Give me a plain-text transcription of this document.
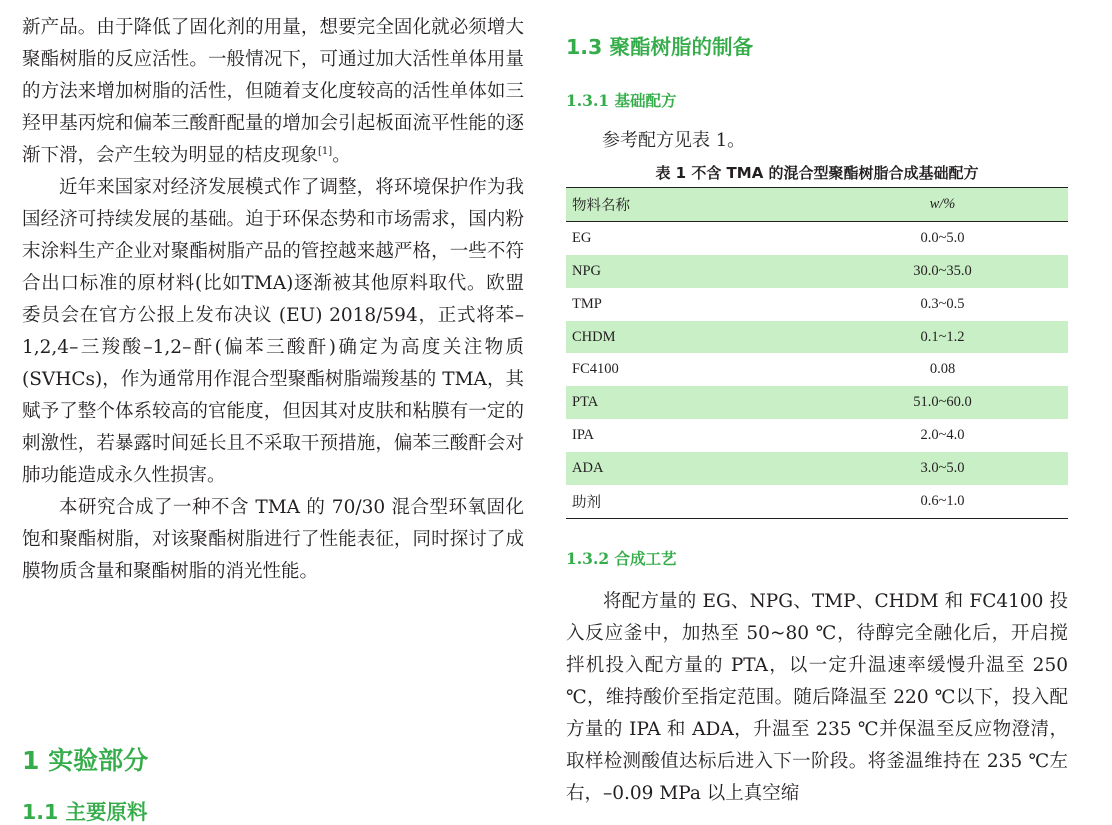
新产品。由于降低了固化剂的用量，想要完全固化就必须增大聚酯树脂的反应活性。一般情况下，可通过加大活性单体用量的方法来增加树脂的活性，但随着支化度较高的活性单体如三羟甲基丙烷和偏苯三酸酐配量的增加会引起板面流平性能的逐渐下滑，会产生较为明显的桔皮现象[1]。

近年来国家对经济发展模式作了调整，将环境保护作为我国经济可持续发展的基础。迫于环保态势和市场需求，国内粉末涂料生产企业对聚酯树脂产品的管控越来越严格，一些不符合出口标准的原材料(比如TMA)逐渐被其他原料取代。欧盟委员会在官方公报上发布决议 (EU) 2018/594，正式将苯–1,2,4–三羧酸–1,2–酐(偏苯三酸酐)确定为高度关注物质(SVHCs)，作为通常用作混合型聚酯树脂端羧基的 TMA，其赋予了整个体系较高的官能度，但因其对皮肤和粘膜有一定的刺激性，若暴露时间延长且不采取干预措施，偏苯三酸酐会对肺功能造成永久性损害。

本研究合成了一种不含 TMA 的 70/30 混合型环氧固化饱和聚酯树脂，对该聚酯树脂进行了性能表征，同时探讨了成膜物质含量和聚酯树脂的消光性能。

1 实验部分
1.1 主要原料
1.3 聚酯树脂的制备
1.3.1 基础配方

参考配方见表 1。

表 1 不含 TMA 的混合型聚酯树脂合成基础配方
物料名称	w/%
EG	0.0~5.0
NPG	30.0~35.0
TMP	0.3~0.5
CHDM	0.1~1.2
FC4100	0.08
PTA	51.0~60.0
IPA	2.0~4.0
ADA	3.0~5.0
助剂	0.6~1.0
1.3.2 合成工艺

将配方量的 EG、NPG、TMP、CHDM 和 FC4100 投入反应釜中，加热至 50~80 ℃，待醇完全融化后，开启搅拌机投入配方量的 PTA，以一定升温速率缓慢升温至 250 ℃，维持酸价至指定范围。随后降温至 220 ℃以下，投入配方量的 IPA 和 ADA，升温至 235 ℃并保温至反应物澄清，取样检测酸值达标后进入下一阶段。将釜温维持在 235 ℃左右，–0.09 MPa 以上真空缩
